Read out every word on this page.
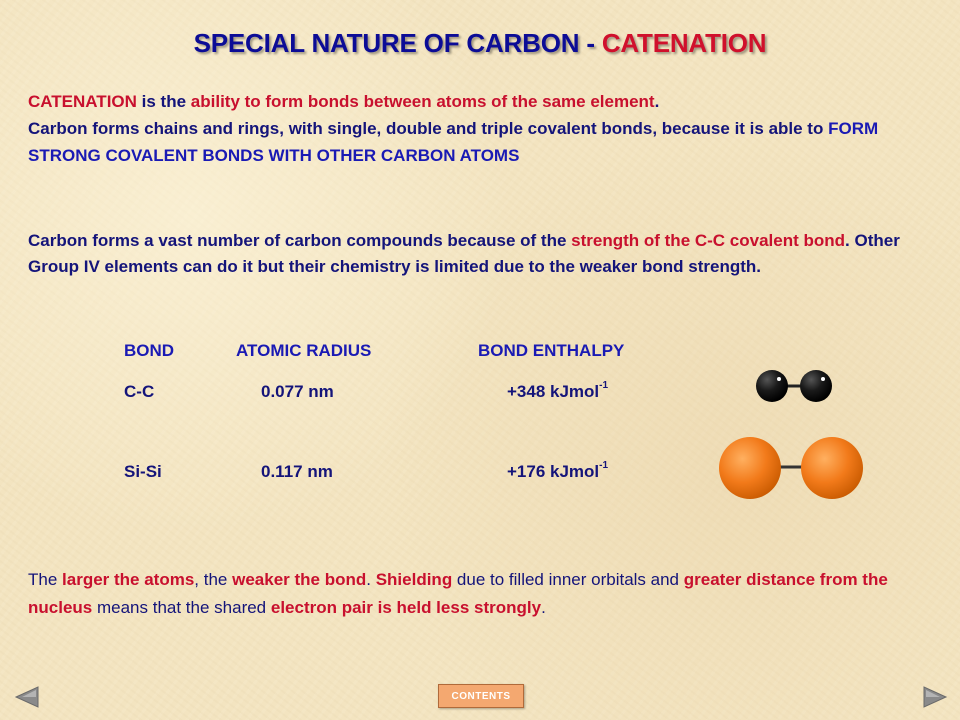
SPECIAL NATURE OF CARBON - CATENATION
CATENATION is the ability to form bonds between atoms of the same element.
Carbon forms chains and rings, with single, double and triple covalent bonds, because it is able to FORM STRONG COVALENT BONDS WITH OTHER CARBON ATOMS
Carbon forms a vast number of carbon compounds because of the strength of the C-C covalent bond. Other Group IV elements can do it but their chemistry is limited due to the weaker bond strength.
BOND	ATOMIC RADIUS	BOND ENTHALPY
C-C	0.077 nm	+348 kJmol$^{-1}$
Si-Si	0.117 nm	+176 kJmol$^{-1}$
The larger the atoms, the weaker the bond. Shielding due to filled inner orbitals and greater distance from the nucleus means that the shared electron pair is held less strongly.
CONTENTS
